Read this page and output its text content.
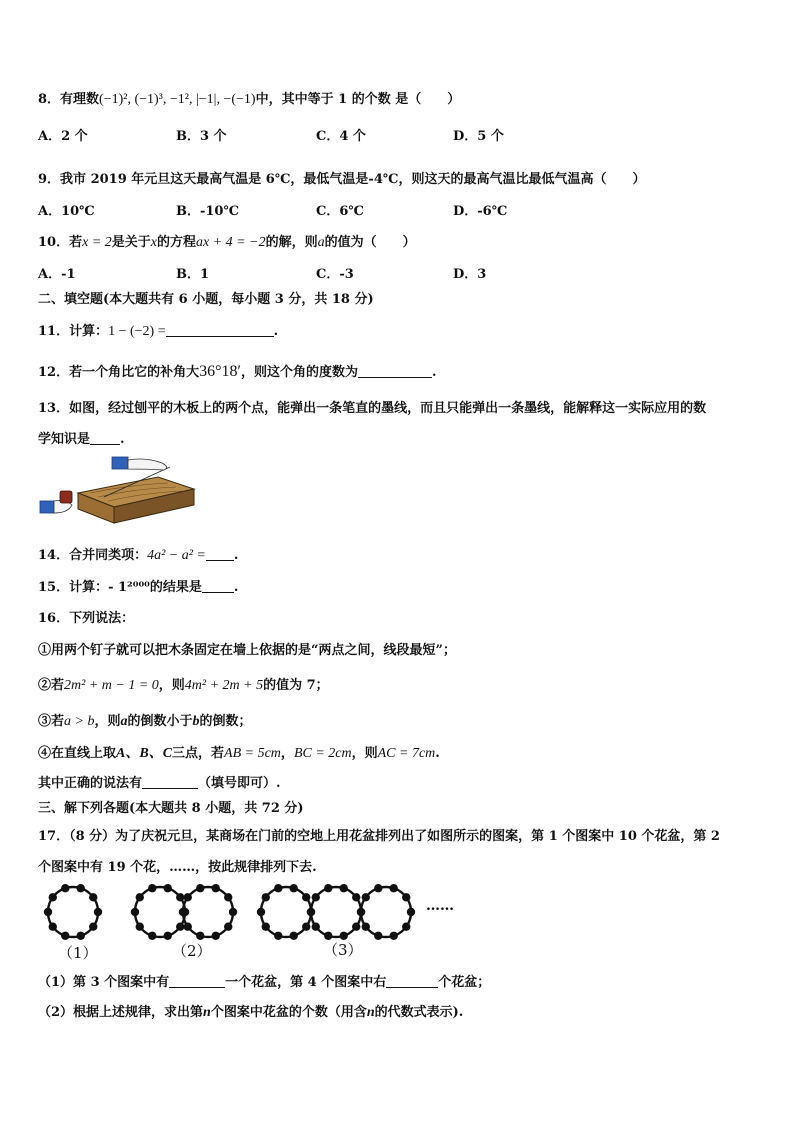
8．有理数(−1)², (−1)³, −1², |−1|, −(−1)中，其中等于 1 的个数 是（　　）
A．2 个	B．3 个	C．4 个	D．5 个
9．我市 2019 年元旦这天最高气温是 6℃，最低气温是-4℃，则这天的最高气温比最低气温高（　　）
A．10℃	B．-10℃	C．6℃	D．-6℃
10．若x = 2是关于x的方程ax + 4 = −2的解，则a的值为（　　）
A．-1	B．1	C．-3	D．3
二、填空题(本大题共有 6 小题，每小题 3 分，共 18 分)
11．计算：1 − (−2) =	.
12．若一个角比它的补角大36°18′，则这个角的度数为	.
13．如图，经过刨平的木板上的两个点，能弹出一条笔直的墨线，而且只能弹出一条墨线，能解释这一实际应用的数
学知识是 .
14．合并同类项：4a² − a² = .
15．计算：- 1²⁰⁰⁰的结果是 .
16．下列说法：
①用两个钉子就可以把木条固定在墙上依据的是“两点之间，线段最短”；
②若2m² + m − 1 = 0，则4m² + 2m + 5的值为 7；
③若a > b，则a的倒数小于b的倒数；
④在直线上取A、B、C三点，若AB = 5cm，BC = 2cm，则AC = 7cm.
其中正确的说法有	（填号即可）.
三、解下列各题(本大题共 8 小题，共 72 分)
17．（8 分）为了庆祝元旦，某商场在门前的空地上用花盆排列出了如图所示的图案，第 1 个图案中 10 个花盆，第 2
个图案中有 19 个花，……，按此规律排列下去.
（1）	（2）	（3）
……
（1）第 3 个图案中有	一个花盆，第 4 个图案中右	个花盆；
（2）根据上述规律，求出第n个图案中花盆的个数（用含n的代数式表示).
